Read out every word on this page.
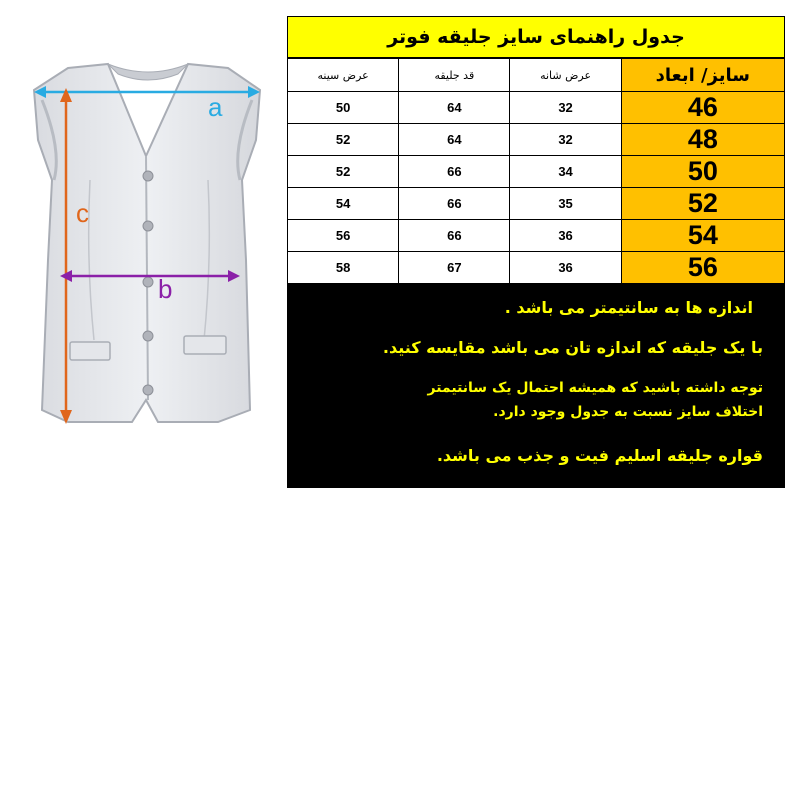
a
c
b
جدول راهنمای سایز جلیقه فوتر
سایز/ ابعاد	عرض شانه	قد جلیقه	عرض سینه
46	32	64	50
48	32	64	52
50	34	66	52
52	35	66	54
54	36	66	56
56	36	67	58
اندازه ها به سانتیمتر می باشد .
با یک جلیقه که اندازه تان می باشد مقایسه کنید.
توجه داشته باشید که همیشه احتمال یک سانتیمتر اختلاف سایز نسبت به جدول وجود دارد.
قواره جلیقه اسلیم فیت و جذب می باشد.
